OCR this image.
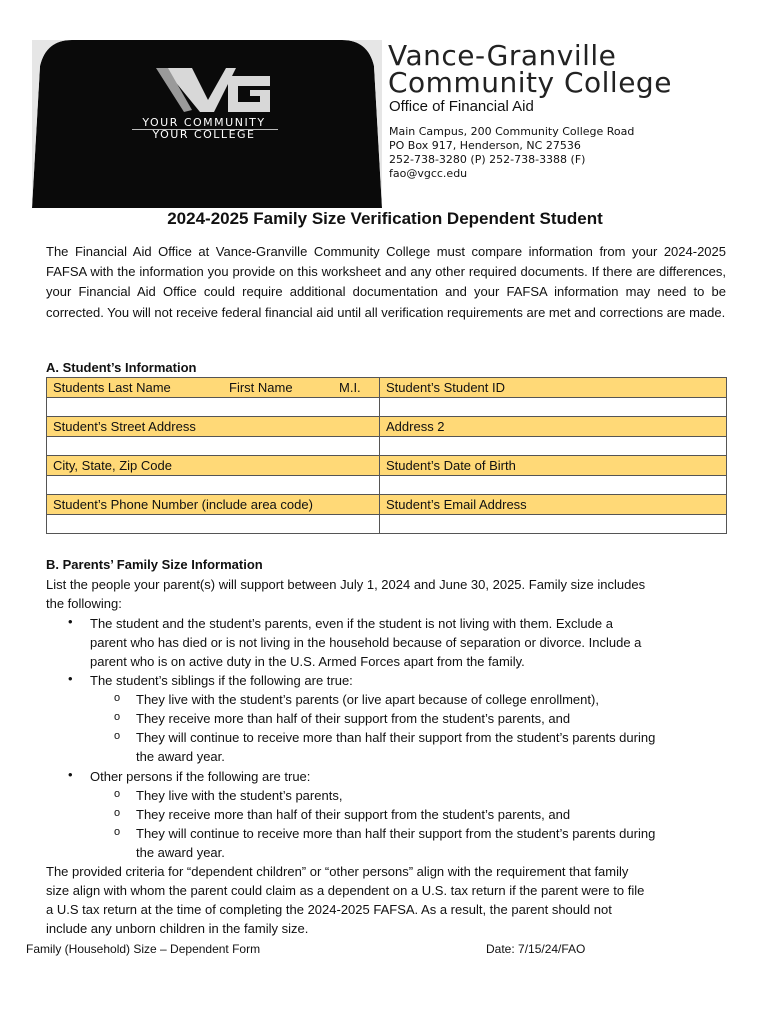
YOUR COMMUNITY
YOUR COLLEGE
Vance-Granville
Community College
Office of Financial Aid
Main Campus, 200 Community College Road
PO Box 917, Henderson, NC 27536
252-738-3280 (P) 252-738-3388 (F)
fao@vgcc.edu
2024-2025 Family Size Verification Dependent Student
The Financial Aid Office at Vance-Granville Community College must compare information from your 2024-2025 FAFSA with the information you provide on this worksheet and any other required documents. If there are differences, your Financial Aid Office could require additional documentation and your FAFSA information may need to be corrected. You will not receive federal financial aid until all verification requirements are met and corrections are made.
A. Student’s Information
Students Last Name First Name M.I.	Student’s Student ID

Student’s Street Address	Address 2

City, State, Zip Code	Student’s Date of Birth

Student’s Phone Number (include area code)	Student’s Email Address

B. Parents’ Family Size Information
List the people your parent(s) will support between July 1, 2024 and June 30, 2025. Family size includes
the following:
• The student and the student’s parents, even if the student is not living with them. Exclude a
parent who has died or is not living in the household because of separation or divorce. Include a
parent who is on active duty in the U.S. Armed Forces apart from the family.
• The student’s siblings if the following are true:
o They live with the student’s parents (or live apart because of college enrollment),
o They receive more than half of their support from the student’s parents, and
o They will continue to receive more than half their support from the student’s parents during
the award year.
• Other persons if the following are true:
o They live with the student’s parents,
o They receive more than half of their support from the student’s parents, and
o They will continue to receive more than half their support from the student’s parents during
the award year.
The provided criteria for “dependent children” or “other persons” align with the requirement that family
size align with whom the parent could claim as a dependent on a U.S. tax return if the parent were to file
a U.S tax return at the time of completing the 2024-2025 FAFSA. As a result, the parent should not
include any unborn children in the family size.
Family (Household) Size – Dependent Form	Date: 7/15/24/FAO
